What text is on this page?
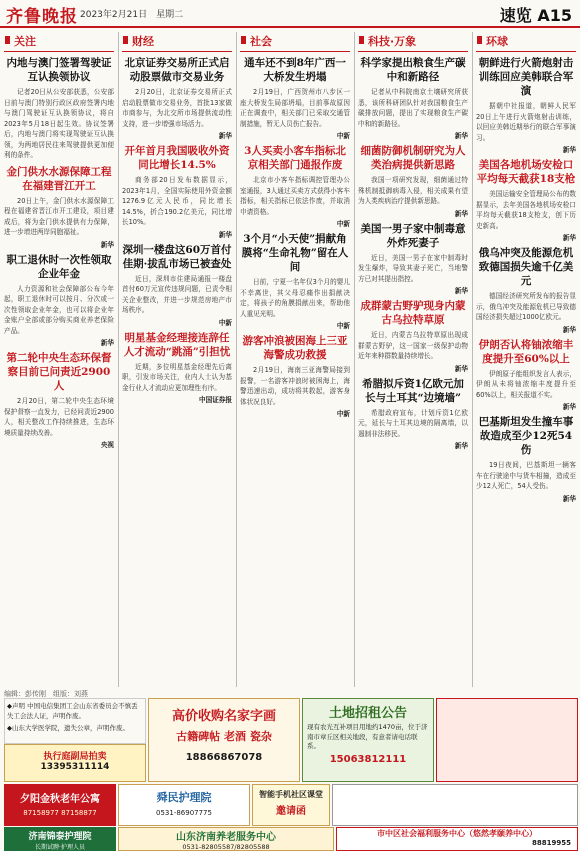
齐鲁晚报 2023年2月21日　星期二	速览 A15
关注
内地与澳门签署驾驶证互认换领协议

记者20日从公安部获悉，公安部日前与澳门特别行政区政府签署内地与澳门驾驶证互认换领协议，将自2023年5月18日起生效。协议签署后，内地与澳门将实现驾驶证互认换领，为两地居民往来驾驶提供更加便利的条件。

金门供水水源保障工程在福建晋江开工

20日上午，金门供水水源保障工程在福建省晋江市开工建设，项目建成后，将为金门供水提供有力保障，进一步增进两岸同胞福祉。

新华
职工退休时一次性领取企业年金

人力资源和社会保障部公布今年起，职工退休时可以按月、分次或一次性领取企业年金，也可以将企业年金账户全部或部分购买商业养老保险产品。

新华
第二轮中央生态环保督察目前已问责近2900人

2月20日，第二轮中央生态环境保护督察一直发力，已经问责近2900人，相关整改工作持续推进，生态环境质量持续改善。

央视
财经
北京证券交易所正式启动股票做市交易业务

2月20日，北京证券交易所正式启动股票做市交易业务，首批13家做市商参与，为北交所市场提供流动性支持，进一步增强市场活力。

新华
开年首月我国吸收外资同比增长14.5%

商务部20日发布数据显示，2023年1月，全国实际使用外资金额1276.9亿元人民币，同比增长14.5%，折合190.2亿美元，同比增长10%。

新华
深圳一楼盘这60万首付佳期·拔乱市场已被查处

近日，深圳市住建局通报一楼盘首付60万元宣传违规问题，已责令相关企业整改，并进一步规范房地产市场秩序。

中新
明星基金经理接连辞任人才流动“跳涌”引担忧

近期，多位明星基金经理先后离职，引发市场关注，业内人士认为基金行业人才流动应更加理性有序。

中国证券报
社会
通车还不到8年广西一大桥发生坍塌

2月19日，广西贺州市八步区一座大桥发生局部坍塌，目前事故原因正在调查中，相关部门已采取交通管制措施，暂无人员伤亡报告。

中新
3人买卖小客车指标北京相关部门通报作废

北京市小客车指标调控管理办公室通报，3人通过买卖方式获得小客车指标，相关指标已依法作废，并取消申请资格。

中新
3个月“小天使”捐献角膜将“生命礼物”留在人间

日前，宁夏一名年仅3个月的婴儿不幸离世，其父母忍痛作出捐献决定，将孩子的角膜捐献出来，帮助他人重见光明。

中新
游客冲浪被困海上三亚海警成功救援

2月19日，海南三亚海警局接到报警，一名游客冲浪时被困海上，海警迅速出动，成功将其救起，游客身体状况良好。

中新
科技·万象
科学家提出粮食生产碳中和新路径

记者从中科院南京土壤研究所获悉，该所科研团队针对我国粮食生产碳排放问题，提出了实现粮食生产碳中和的新路径。

新华
细菌防御机制研究为人类治病提供新思路

我国一项研究发现，细菌通过特殊机制抵御病毒入侵，相关成果有望为人类疾病治疗提供新思路。

新华
美国一男子家中制毒意外炸死妻子

近日，美国一男子在家中制毒时发生爆炸，导致其妻子死亡，当地警方已对其提出指控。

新华
成群蒙古野驴现身内蒙古乌拉特草原

近日，内蒙古乌拉特草原出现成群蒙古野驴，这一国家一级保护动物近年来种群数量持续增长。

新华
希腊拟斥资1亿欧元加长与土耳其“边境墙”

希腊政府宣布，计划斥资1亿欧元，延长与土耳其边境的隔离墙，以遏制非法移民。

新华
环球
朝鲜进行火箭炮射击训练回应美韩联合军演

据朝中社报道，朝鲜人民军20日上午进行火箭炮射击训练，以回应美韩近期举行的联合军事演习。

新华
美国各地机场安检口平均每天截获18支枪

美国运输安全管理局公布的数据显示，去年美国各地机场安检口平均每天截获18支枪支，创下历史新高。

新华
俄乌冲突及能源危机致德国损失逾千亿美元

德国经济研究所发布的报告显示，俄乌冲突及能源危机已导致德国经济损失超过1000亿欧元。

新华
伊朗否认将铀浓缩丰度提升至60%以上

伊朗原子能组织发言人表示，伊朗从未将铀浓缩丰度提升至60%以上，相关报道不实。

新华
巴基斯坦发生撞车事故造成至少12死54伤

19日夜间，巴基斯坦一辆客车在行驶途中与货车相撞，造成至少12人死亡，54人受伤。

新华
编辑：彭传刚　组版：刘燕
◆声明 中国电信集团工会山东省委员会不慎丢失工会法人证，声明作废。
◆山东大学医学院，遗失公章，声明作废。
执行庭副局拍卖
13395311114
高价收购名家字画
古籍碑帖 老酒 瓷杂
18866867078
土地招租公告
现有农光互补项目用地约1470亩，位于济南市章丘区相关地段，有意者请电话联系。
15063812111
夕阳金秋老年公寓
87158977 87158877
舜民护理院
0531-86907775
智能手机社区课堂
邀请函
济南锦泰护理院
长期试聘·护理人员
山东济南养老服务中心
0531-82805587/82805588
市中区社会福利服务中心（悠然孝颐养中心）
88819955
